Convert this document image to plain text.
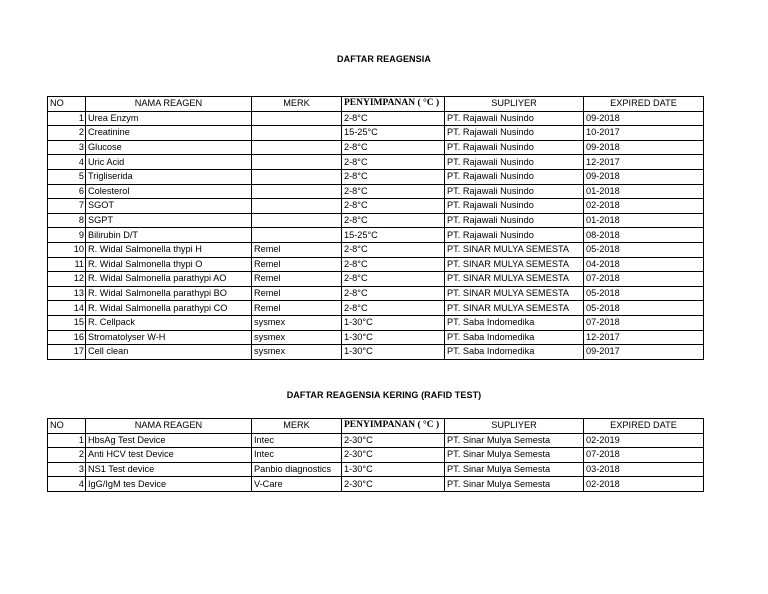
DAFTAR REAGENSIA
NO	NAMA REAGEN	MERK	PENYIMPANAN ( °C )	SUPLIYER	EXPIRED DATE
1	Urea Enzym		2-8°C	PT. Rajawali Nusindo	09-2018
2	Creatinine		15-25°C	PT. Rajawali Nusindo	10-2017
3	Glucose		2-8°C	PT. Rajawali Nusindo	09-2018
4	Uric Acid		2-8°C	PT. Rajawali Nusindo	12-2017
5	Trigliserida		2-8°C	PT. Rajawali Nusindo	09-2018
6	Colesterol		2-8°C	PT. Rajawali Nusindo	01-2018
7	SGOT		2-8°C	PT. Rajawali Nusindo	02-2018
8	SGPT		2-8°C	PT. Rajawali Nusindo	01-2018
9	Bilirubin D/T		15-25°C	PT. Rajawali Nusindo	08-2018
10	R. Widal Salmonella thypi H	Remel	2-8°C	PT. SINAR MULYA SEMESTA	05-2018
11	R. Widal Salmonella thypi O	Remel	2-8°C	PT. SINAR MULYA SEMESTA	04-2018
12	R. Widal Salmonella parathypi AO	Remel	2-8°C	PT. SINAR MULYA SEMESTA	07-2018
13	R. Widal Salmonella parathypi BO	Remel	2-8°C	PT. SINAR MULYA SEMESTA	05-2018
14	R. Widal Salmonella parathypi CO	Remel	2-8°C	PT. SINAR MULYA SEMESTA	05-2018
15	R. Cellpack	sysmex	1-30°C	PT. Saba Indomedika	07-2018
16	Stromatolyser W-H	sysmex	1-30°C	PT. Saba Indomedika	12-2017
17	Cell clean	sysmex	1-30°C	PT. Saba Indomedika	09-2017
DAFTAR REAGENSIA KERING (RAFID TEST)
NO	NAMA REAGEN	MERK	PENYIMPANAN ( °C )	SUPLIYER	EXPIRED DATE
1	HbsAg Test Device	Intec	2-30°C	PT. Sinar Mulya Semesta	02-2019
2	Anti HCV test Device	Intec	2-30°C	PT. Sinar Mulya Semesta	07-2018
3	NS1 Test device	Panbio diagnostics	1-30°C	PT. Sinar Mulya Semesta	03-2018
4	IgG/IgM tes Device	V-Care	2-30°C	PT. Sinar Mulya Semesta	02-2018
